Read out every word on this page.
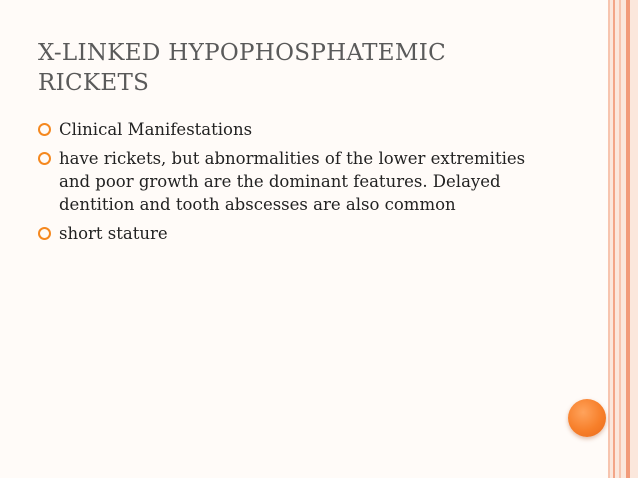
X-LINKED HYPOPHOSPHATEMIC RICKETS
Clinical Manifestations
have rickets, but abnormalities of the lower extremities and poor growth are the dominant features. Delayed dentition and tooth abscesses are also common
short stature
